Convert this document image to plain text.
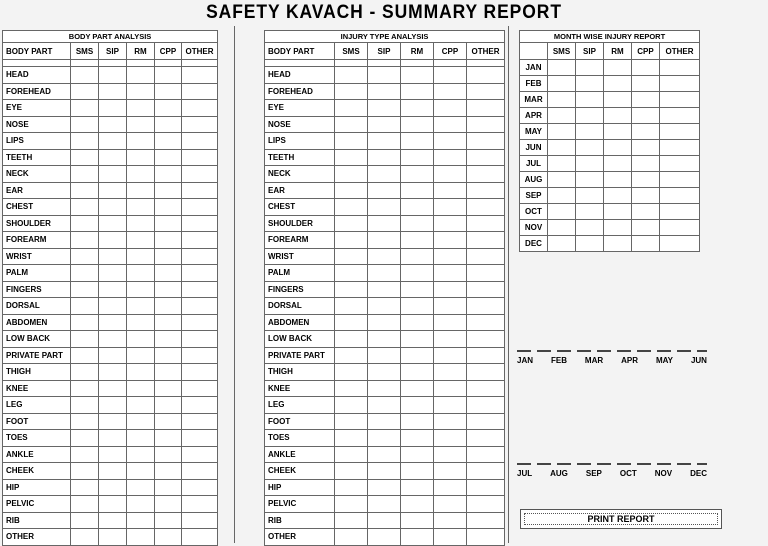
SAFETY KAVACH - SUMMARY REPORT
BODY PART ANALYSIS					
BODY PART	SMS	SIP	RM	CPP	OTHER

HEAD					
FOREHEAD					
EYE					
NOSE					
LIPS					
TEETH					
NECK					
EAR					
CHEST					
SHOULDER					
FOREARM					
WRIST					
PALM					
FINGERS					
DORSAL					
ABDOMEN					
LOW BACK					
PRIVATE PART					
THIGH					
KNEE					
LEG					
FOOT					
TOES					
ANKLE					
CHEEK					
HIP					
PELVIC					
RIB					
OTHER					
INJURY TYPE ANALYSIS					
BODY PART	SMS	SIP	RM	CPP	OTHER

HEAD					
FOREHEAD					
EYE					
NOSE					
LIPS					
TEETH					
NECK					
EAR					
CHEST					
SHOULDER					
FOREARM					
WRIST					
PALM					
FINGERS					
DORSAL					
ABDOMEN					
LOW BACK					
PRIVATE PART					
THIGH					
KNEE					
LEG					
FOOT					
TOES					
ANKLE					
CHEEK					
HIP					
PELVIC					
RIB					
OTHER					
MONTH WISE INJURY REPORT					
	SMS	SIP	RM	CPP	OTHER
JAN					
FEB					
MAR					
APR					
MAY					
JUN					
JUL					
AUG					
SEP					
OCT					
NOV					
DEC					
JAN FEB MAR APR MAY JUN
JUL AUG SEP OCT NOV DEC
PRINT REPORT
